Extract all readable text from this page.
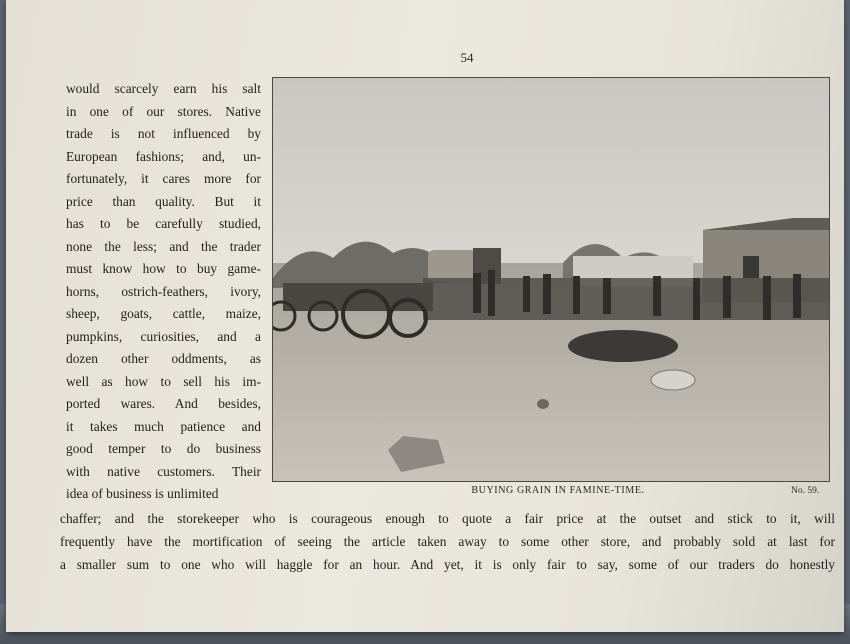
54
would scarcely earn his salt
in one of our stores. Native
trade is not influenced by
European fashions; and, un-
fortunately, it cares more for
price than quality. But it
has to be carefully studied,
none the less; and the trader
must know how to buy game-
horns, ostrich-feathers, ivory,
sheep, goats, cattle, maize,
pumpkins, curiosities, and a
dozen other oddments, as
well as how to sell his im-
ported wares. And besides,
it takes much patience and
good temper to do business
with native customers. Their
idea of business is unlimited	BUYING GRAIN IN FAMINE-TIME.	No. 59.
chaffer; and the storekeeper who is courageous enough to quote a fair price at the outset and stick to it, will
frequently have the mortification of seeing the article taken away to some other store, and probably sold at last for
a smaller sum to one who will haggle for an hour. And yet, it is only fair to say, some of our traders do honestly
